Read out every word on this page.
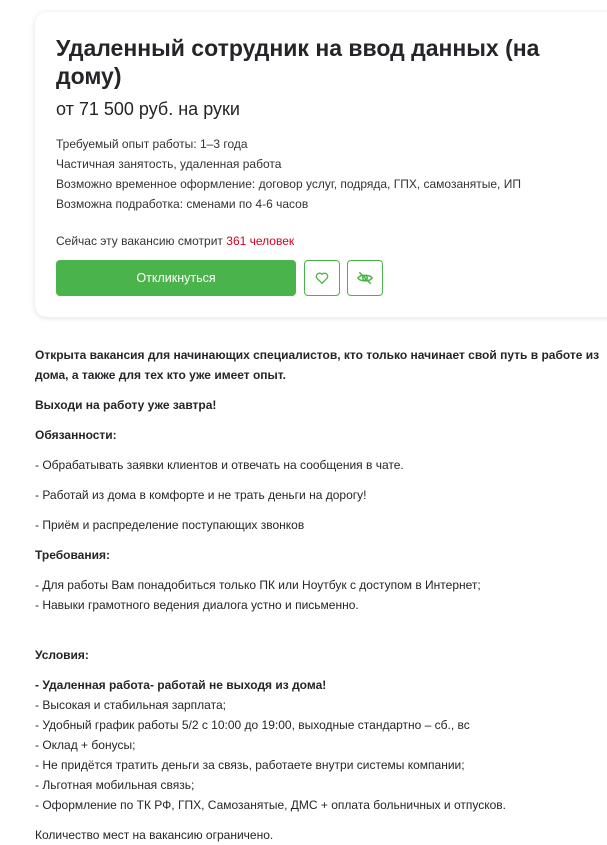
Удаленный сотрудник на ввод данных (на дому)
от 71 500 руб. на руки
Требуемый опыт работы: 1–3 года
Частичная занятость, удаленная работа
Возможно временное оформление: договор услуг, подряда, ГПХ, самозанятые, ИП
Возможна подработка: сменами по 4-6 часов
Сейчас эту вакансию смотрит 361 человек
Откликнуться

Открыта вакансия для начинающих специалистов, кто только начинает свой путь в работе из

дома, а также для тех кто уже имеет опыт.

Выходи на работу уже завтра!

Обязанности:

- Обрабатывать заявки клиентов и отвечать на сообщения в чате.

- Работай из дома в комфорте и не трать деньги на дорогу!

- Приём и распределение поступающих звонков

Требования:

- Для работы Вам понадобиться только ПК или Ноутбук с доступом в Интернет;

- Навыки грамотного ведения диалога устно и письменно.

Условия:

- Удаленная работа- работай не выходя из дома!

- Высокая и стабильная зарплата;

- Удобный график работы 5/2 с 10:00 до 19:00, выходные стандартно – сб., вс

- Оклад + бонусы;

- Не придётся тратить деньги за связь, работаете внутри системы компании;

- Льготная мобильная связь;

- Оформление по ТК РФ, ГПХ, Самозанятые, ДМС + оплата больничных и отпусков.

Количество мест на вакансию ограничено.
